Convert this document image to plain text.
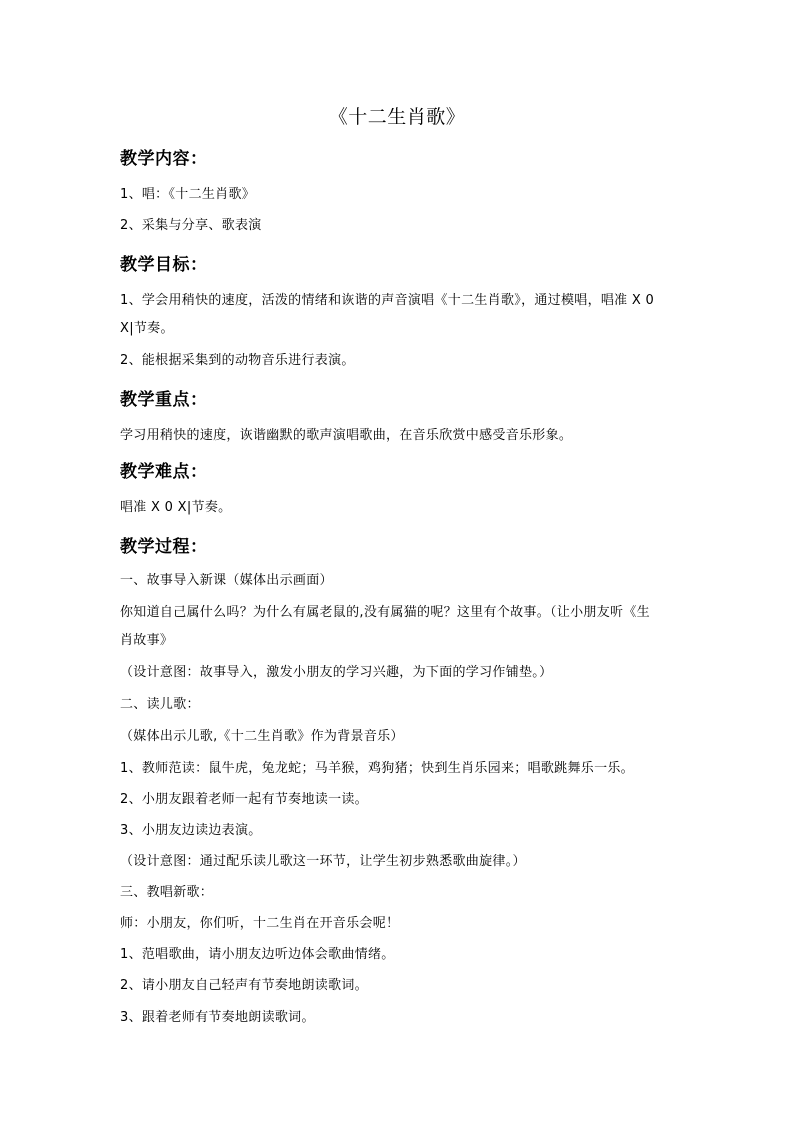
《十二生肖歌》
教学内容：
1、唱：《十二生肖歌》
2、采集与分享、歌表演
教学目标：
1、学会用稍快的速度，活泼的情绪和诙谐的声音演唱《十二生肖歌》，通过模唱，唱准 X 0
X|节奏。
2、能根据采集到的动物音乐进行表演。
教学重点：
学习用稍快的速度，诙谐幽默的歌声演唱歌曲，在音乐欣赏中感受音乐形象。
教学难点：
唱准 X 0 X|节奏。
教学过程：
一、故事导入新课（媒体出示画面）
你知道自己属什么吗？为什么有属老鼠的,没有属猫的呢？这里有个故事。（让小朋友听《生
肖故事》
（设计意图：故事导入，激发小朋友的学习兴趣，为下面的学习作铺垫。）
二、读儿歌：
（媒体出示儿歌,《十二生肖歌》作为背景音乐）
1、教师范读：鼠牛虎，兔龙蛇；马羊猴，鸡狗猪；快到生肖乐园来；唱歌跳舞乐一乐。
2、小朋友跟着老师一起有节奏地读一读。
3、小朋友边读边表演。
（设计意图：通过配乐读儿歌这一环节，让学生初步熟悉歌曲旋律。）
三、教唱新歌：
师：小朋友，你们听，十二生肖在开音乐会呢！
1、范唱歌曲，请小朋友边听边体会歌曲情绪。
2、请小朋友自己轻声有节奏地朗读歌词。
3、跟着老师有节奏地朗读歌词。
